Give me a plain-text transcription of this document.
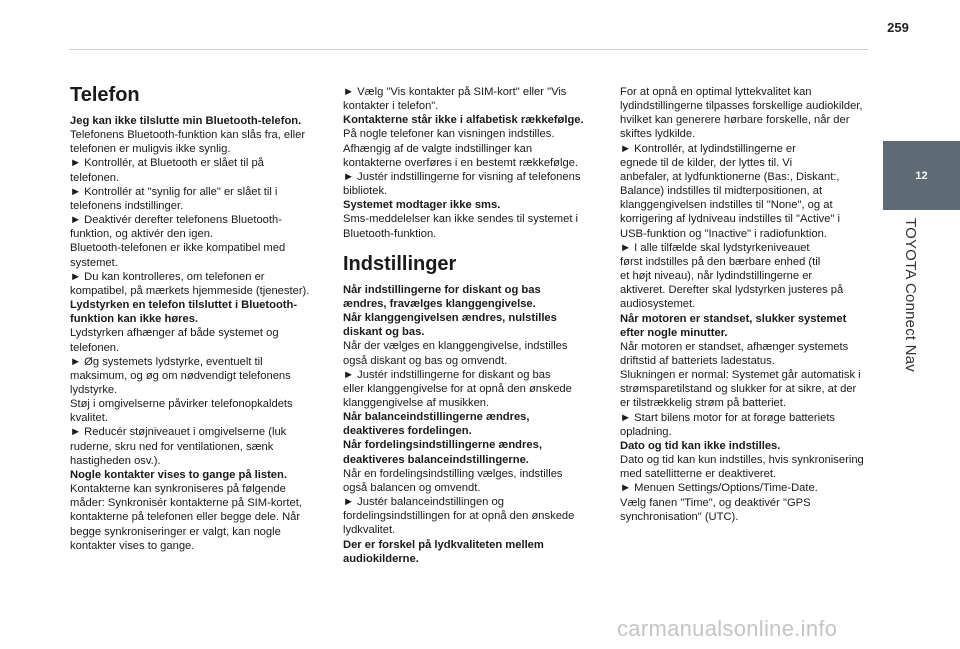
259
12
TOYOTA Connect Nav
Telefon

Jeg kan ikke tilslutte min Bluetooth-telefon.

Telefonens Bluetooth-funktion kan slås fra, eller

telefonen er muligvis ikke synlig.

► Kontrollér, at Bluetooth er slået til på

telefonen.

► Kontrollér at "synlig for alle" er slået til i

telefonens indstillinger.

► Deaktivér derefter telefonens Bluetooth-

funktion, og aktivér den igen.

Bluetooth-telefonen er ikke kompatibel med

systemet.

► Du kan kontrolleres, om telefonen er

kompatibel, på mærkets hjemmeside (tjenester).

Lydstyrken en telefon tilsluttet i Bluetooth-

funktion kan ikke høres.

Lydstyrken afhænger af både systemet og

telefonen.

► Øg systemets lydstyrke, eventuelt til

maksimum, og øg om nødvendigt telefonens

lydstyrke.

Støj i omgivelserne påvirker telefonopkaldets

kvalitet.

► Reducér støjniveauet i omgivelserne (luk

ruderne, skru ned for ventilationen, sænk

hastigheden osv.).

Nogle kontakter vises to gange på listen.

Kontakterne kan synkroniseres på følgende

måder: Synkronisér kontakterne på SIM-kortet,

kontakterne på telefonen eller begge dele. Når

begge synkroniseringer er valgt, kan nogle

kontakter vises to gange.

► Vælg "Vis kontakter på SIM-kort" eller "Vis

kontakter i telefon".

Kontakterne står ikke i alfabetisk rækkefølge.

På nogle telefoner kan visningen indstilles.

Afhængig af de valgte indstillinger kan

kontakterne overføres i en bestemt rækkefølge.

► Justér indstillingerne for visning af telefonens

bibliotek.

Systemet modtager ikke sms.

Sms-meddelelser kan ikke sendes til systemet i

Bluetooth-funktion.

Indstillinger

Når indstillingerne for diskant og bas

ændres, fravælges klanggengivelse.

Når klanggengivelsen ændres, nulstilles

diskant og bas.

Når der vælges en klanggengivelse, indstilles

også diskant og bas og omvendt.

► Justér indstillingerne for diskant og bas

eller klanggengivelse for at opnå den ønskede

klanggengivelse af musikken.

Når balanceindstillingerne ændres,

deaktiveres fordelingen.

Når fordelingsindstillingerne ændres,

deaktiveres balanceindstillingerne.

Når en fordelingsindstilling vælges, indstilles

også balancen og omvendt.

► Justér balanceindstillingen og

fordelingsindstillingen for at opnå den ønskede

lydkvalitet.

Der er forskel på lydkvaliteten mellem

audiokilderne.

For at opnå en optimal lyttekvalitet kan

lydindstillingerne tilpasses forskellige audiokilder,

hvilket kan generere hørbare forskelle, når der

skiftes lydkilde.

► Kontrollér, at lydindstillingerne er

egnede til de kilder, der lyttes til. Vi

anbefaler, at lydfunktionerne (Bas:, Diskant:,

Balance) indstilles til midterpositionen, at

klanggengivelsen indstilles til "None", og at

korrigering af lydniveau indstilles til "Active" i

USB-funktion og "Inactive" i radiofunktion.

► I alle tilfælde skal lydstyrkeniveauet

først indstilles på den bærbare enhed (til

et højt niveau), når lydindstillingerne er

aktiveret. Derefter skal lydstyrken justeres på

audiosystemet.

Når motoren er standset, slukker systemet

efter nogle minutter.

Når motoren er standset, afhænger systemets

driftstid af batteriets ladestatus.

Slukningen er normal: Systemet går automatisk i

strømsparetilstand og slukker for at sikre, at der

er tilstrækkelig strøm på batteriet.

► Start bilens motor for at forøge batteriets

opladning.

Dato og tid kan ikke indstilles.

Dato og tid kan kun indstilles, hvis synkronisering

med satellitterne er deaktiveret.

► Menuen Settings/Options/Time-Date.

Vælg fanen "Time", og deaktivér "GPS

synchronisation" (UTC).

carmanualsonline.info
